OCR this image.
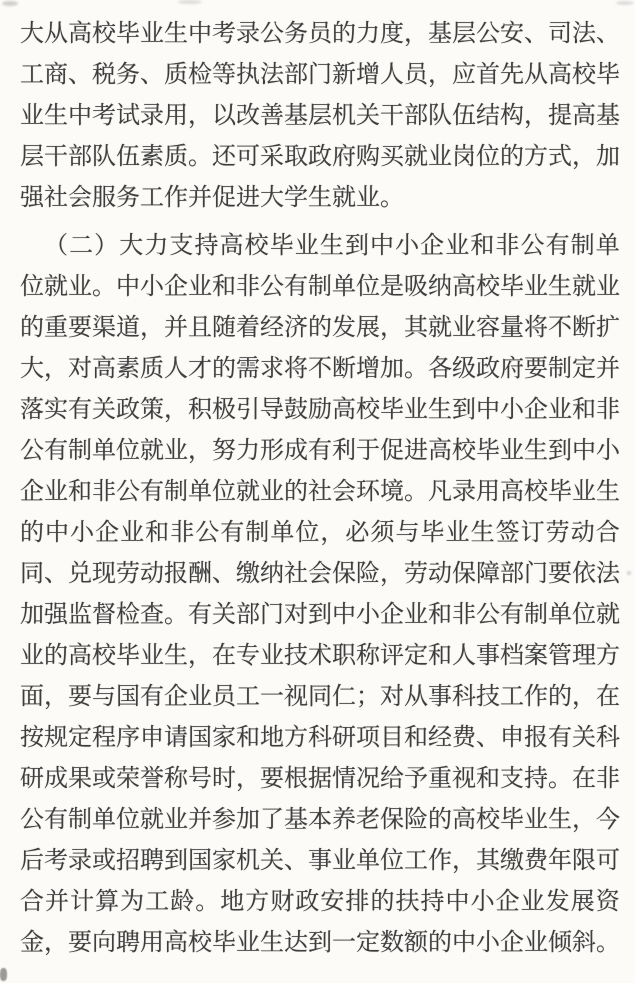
大 从 高 校 毕 业 生 中 考 录 公 务 员 的 力 度 ， 基 层 公 安 、 司 法 、
工 商 、 税 务 、 质 检 等 执 法 部 门 新 增 人 员 ， 应 首 先 从 高 校 毕
业 生 中 考 试 录 用 ， 以 改 善 基 层 机 关 干 部 队 伍 结 构 ， 提 高 基
层 干 部 队 伍 素 质 。 还 可 采 取 政 府 购 买 就 业 岗 位 的 方 式 ， 加
强 社 会 服 务 工 作 并 促 进 大 学 生 就 业 。
（ 二 ） 大 力 支 持 高 校 毕 业 生 到 中 小 企 业 和 非 公 有 制 单
位 就 业 。 中 小 企 业 和 非 公 有 制 单 位 是 吸 纳 高 校 毕 业 生 就 业
的 重 要 渠 道 ， 并 且 随 着 经 济 的 发 展 ， 其 就 业 容 量 将 不 断 扩
大 ， 对 高 素 质 人 才 的 需 求 将 不 断 增 加 。 各 级 政 府 要 制 定 并
落 实 有 关 政 策 ， 积 极 引 导 鼓 励 高 校 毕 业 生 到 中 小 企 业 和 非
公 有 制 单 位 就 业 ， 努 力 形 成 有 利 于 促 进 高 校 毕 业 生 到 中 小
企 业 和 非 公 有 制 单 位 就 业 的 社 会 环 境 。 凡 录 用 高 校 毕 业 生
的 中 小 企 业 和 非 公 有 制 单 位 ， 必 须 与 毕 业 生 签 订 劳 动 合
同 、 兑 现 劳 动 报 酬 、 缴 纳 社 会 保 险 ， 劳 动 保 障 部 门 要 依 法
加 强 监 督 检 查 。 有 关 部 门 对 到 中 小 企 业 和 非 公 有 制 单 位 就
业 的 高 校 毕 业 生 ， 在 专 业 技 术 职 称 评 定 和 人 事 档 案 管 理 方
面 ， 要 与 国 有 企 业 员 工 一 视 同 仁 ； 对 从 事 科 技 工 作 的 ， 在
按 规 定 程 序 申 请 国 家 和 地 方 科 研 项 目 和 经 费 、 申 报 有 关 科
研 成 果 或 荣 誉 称 号 时 ， 要 根 据 情 况 给 予 重 视 和 支 持 。 在 非
公 有 制 单 位 就 业 并 参 加 了 基 本 养 老 保 险 的 高 校 毕 业 生 ， 今
后 考 录 或 招 聘 到 国 家 机 关 、 事 业 单 位 工 作 ， 其 缴 费 年 限 可
合 并 计 算 为 工 龄 。 地 方 财 政 安 排 的 扶 持 中 小 企 业 发 展 资
金 ， 要 向 聘 用 高 校 毕 业 生 达 到 一 定 数 额 的 中 小 企 业 倾 斜 。
